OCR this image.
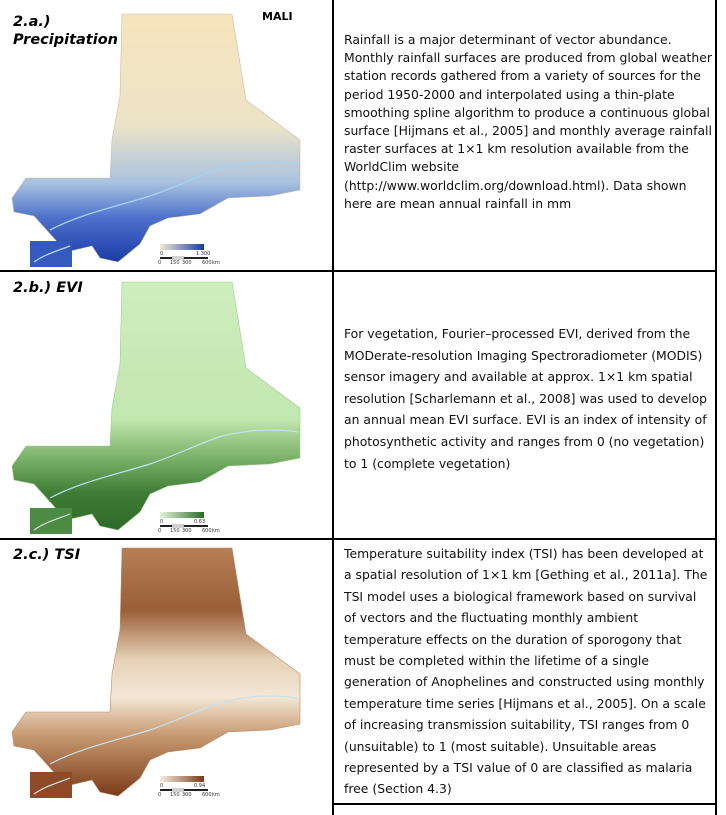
2.a.)
Precipitation
MALI
0	1 300
0 150 300 600 km
Rainfall is a major determinant of vector abundance. Monthly rainfall surfaces are produced from global weather station records gathered from a variety of sources for the period 1950-2000 and interpolated using a thin-plate smoothing spline algorithm to produce a continuous global surface [Hijmans et al., 2005] and monthly average rainfall raster surfaces at 1×1 km resolution available from the WorldClim website (http://www.worldclim.org/download.html). Data shown here are mean annual rainfall in mm
2.b.) EVI
0	0.63
0 150 300 600 km
For vegetation, Fourier–processed EVI, derived from the MODerate-resolution Imaging Spectroradiometer (MODIS) sensor imagery and available at approx. 1×1 km spatial resolution [Scharlemann et al., 2008] was used to develop an annual mean EVI surface. EVI is an index of intensity of photosynthetic activity and ranges from 0 (no vegetation) to 1 (complete vegetation)
2.c.) TSI
0	0.94
0 150 300 600 km
Temperature suitability index (TSI) has been developed at a spatial resolution of 1×1 km [Gething et al., 2011a]. The TSI model uses a biological framework based on survival of vectors and the fluctuating monthly ambient temperature effects on the duration of sporogony that must be completed within the lifetime of a single generation of Anophelines and constructed using monthly temperature time series [Hijmans et al., 2005]. On a scale of increasing transmission suitability, TSI ranges from 0 (unsuitable) to 1 (most suitable). Unsuitable areas represented by a TSI value of 0 are classified as malaria free (Section 4.3)
